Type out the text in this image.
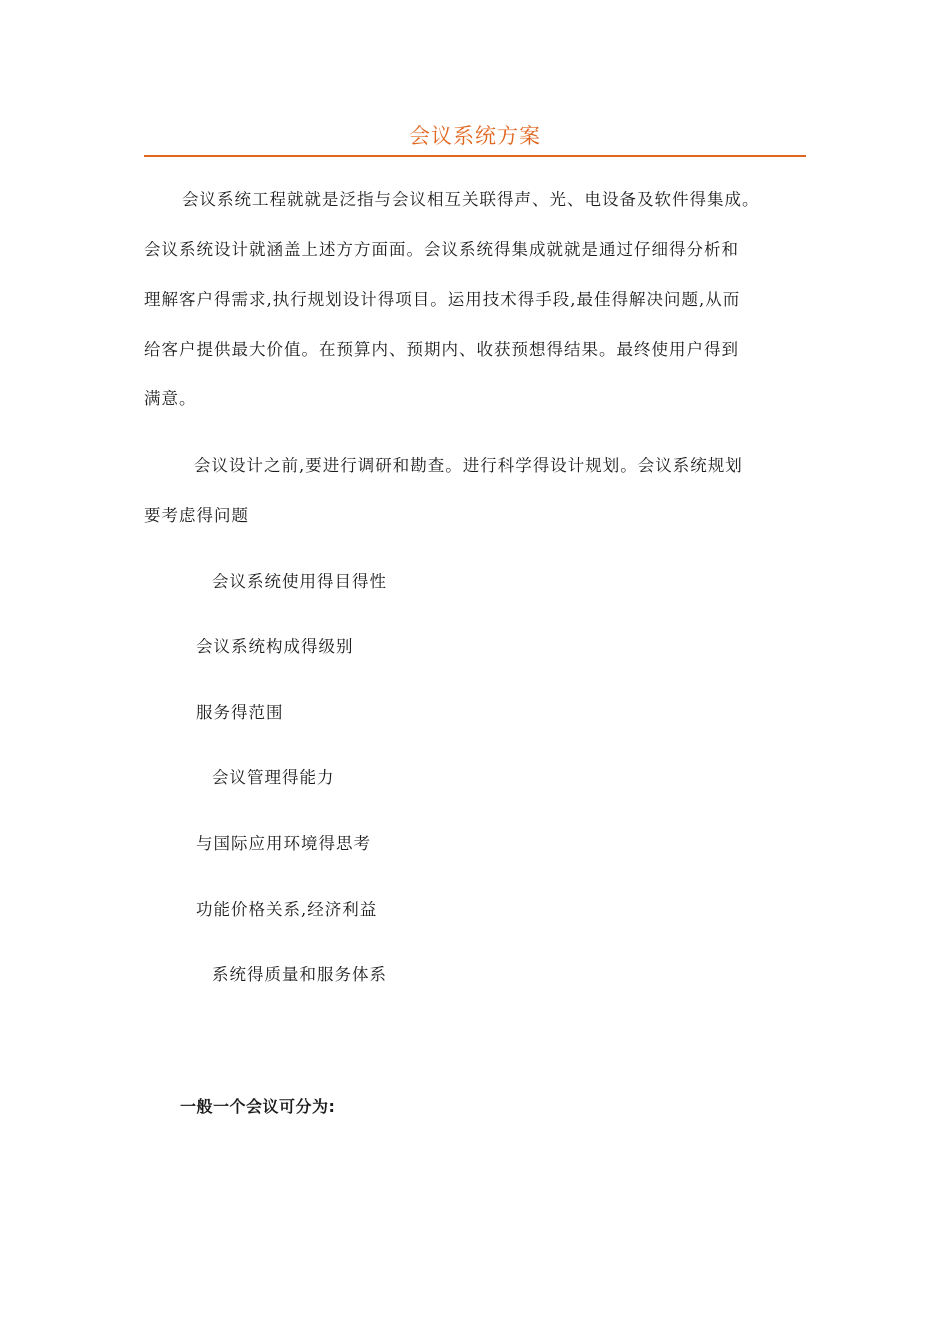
会议系统方案
会议系统工程就就是泛指与会议相互关联得声、光、电设备及软件得集成。
会议系统设计就涵盖上述方方面面。会议系统得集成就就是通过仔细得分析和
理解客户得需求,执行规划设计得项目。运用技术得手段,最佳得解决问题,从而
给客户提供最大价值。在预算内、预期内、收获预想得结果。最终使用户得到
满意。
会议设计之前,要进行调研和勘查。进行科学得设计规划。会议系统规划
要考虑得问题
会议系统使用得目得性
会议系统构成得级别
服务得范围
会议管理得能力
与国际应用环境得思考
功能价格关系,经济利益
系统得质量和服务体系
一般一个会议可分为:
